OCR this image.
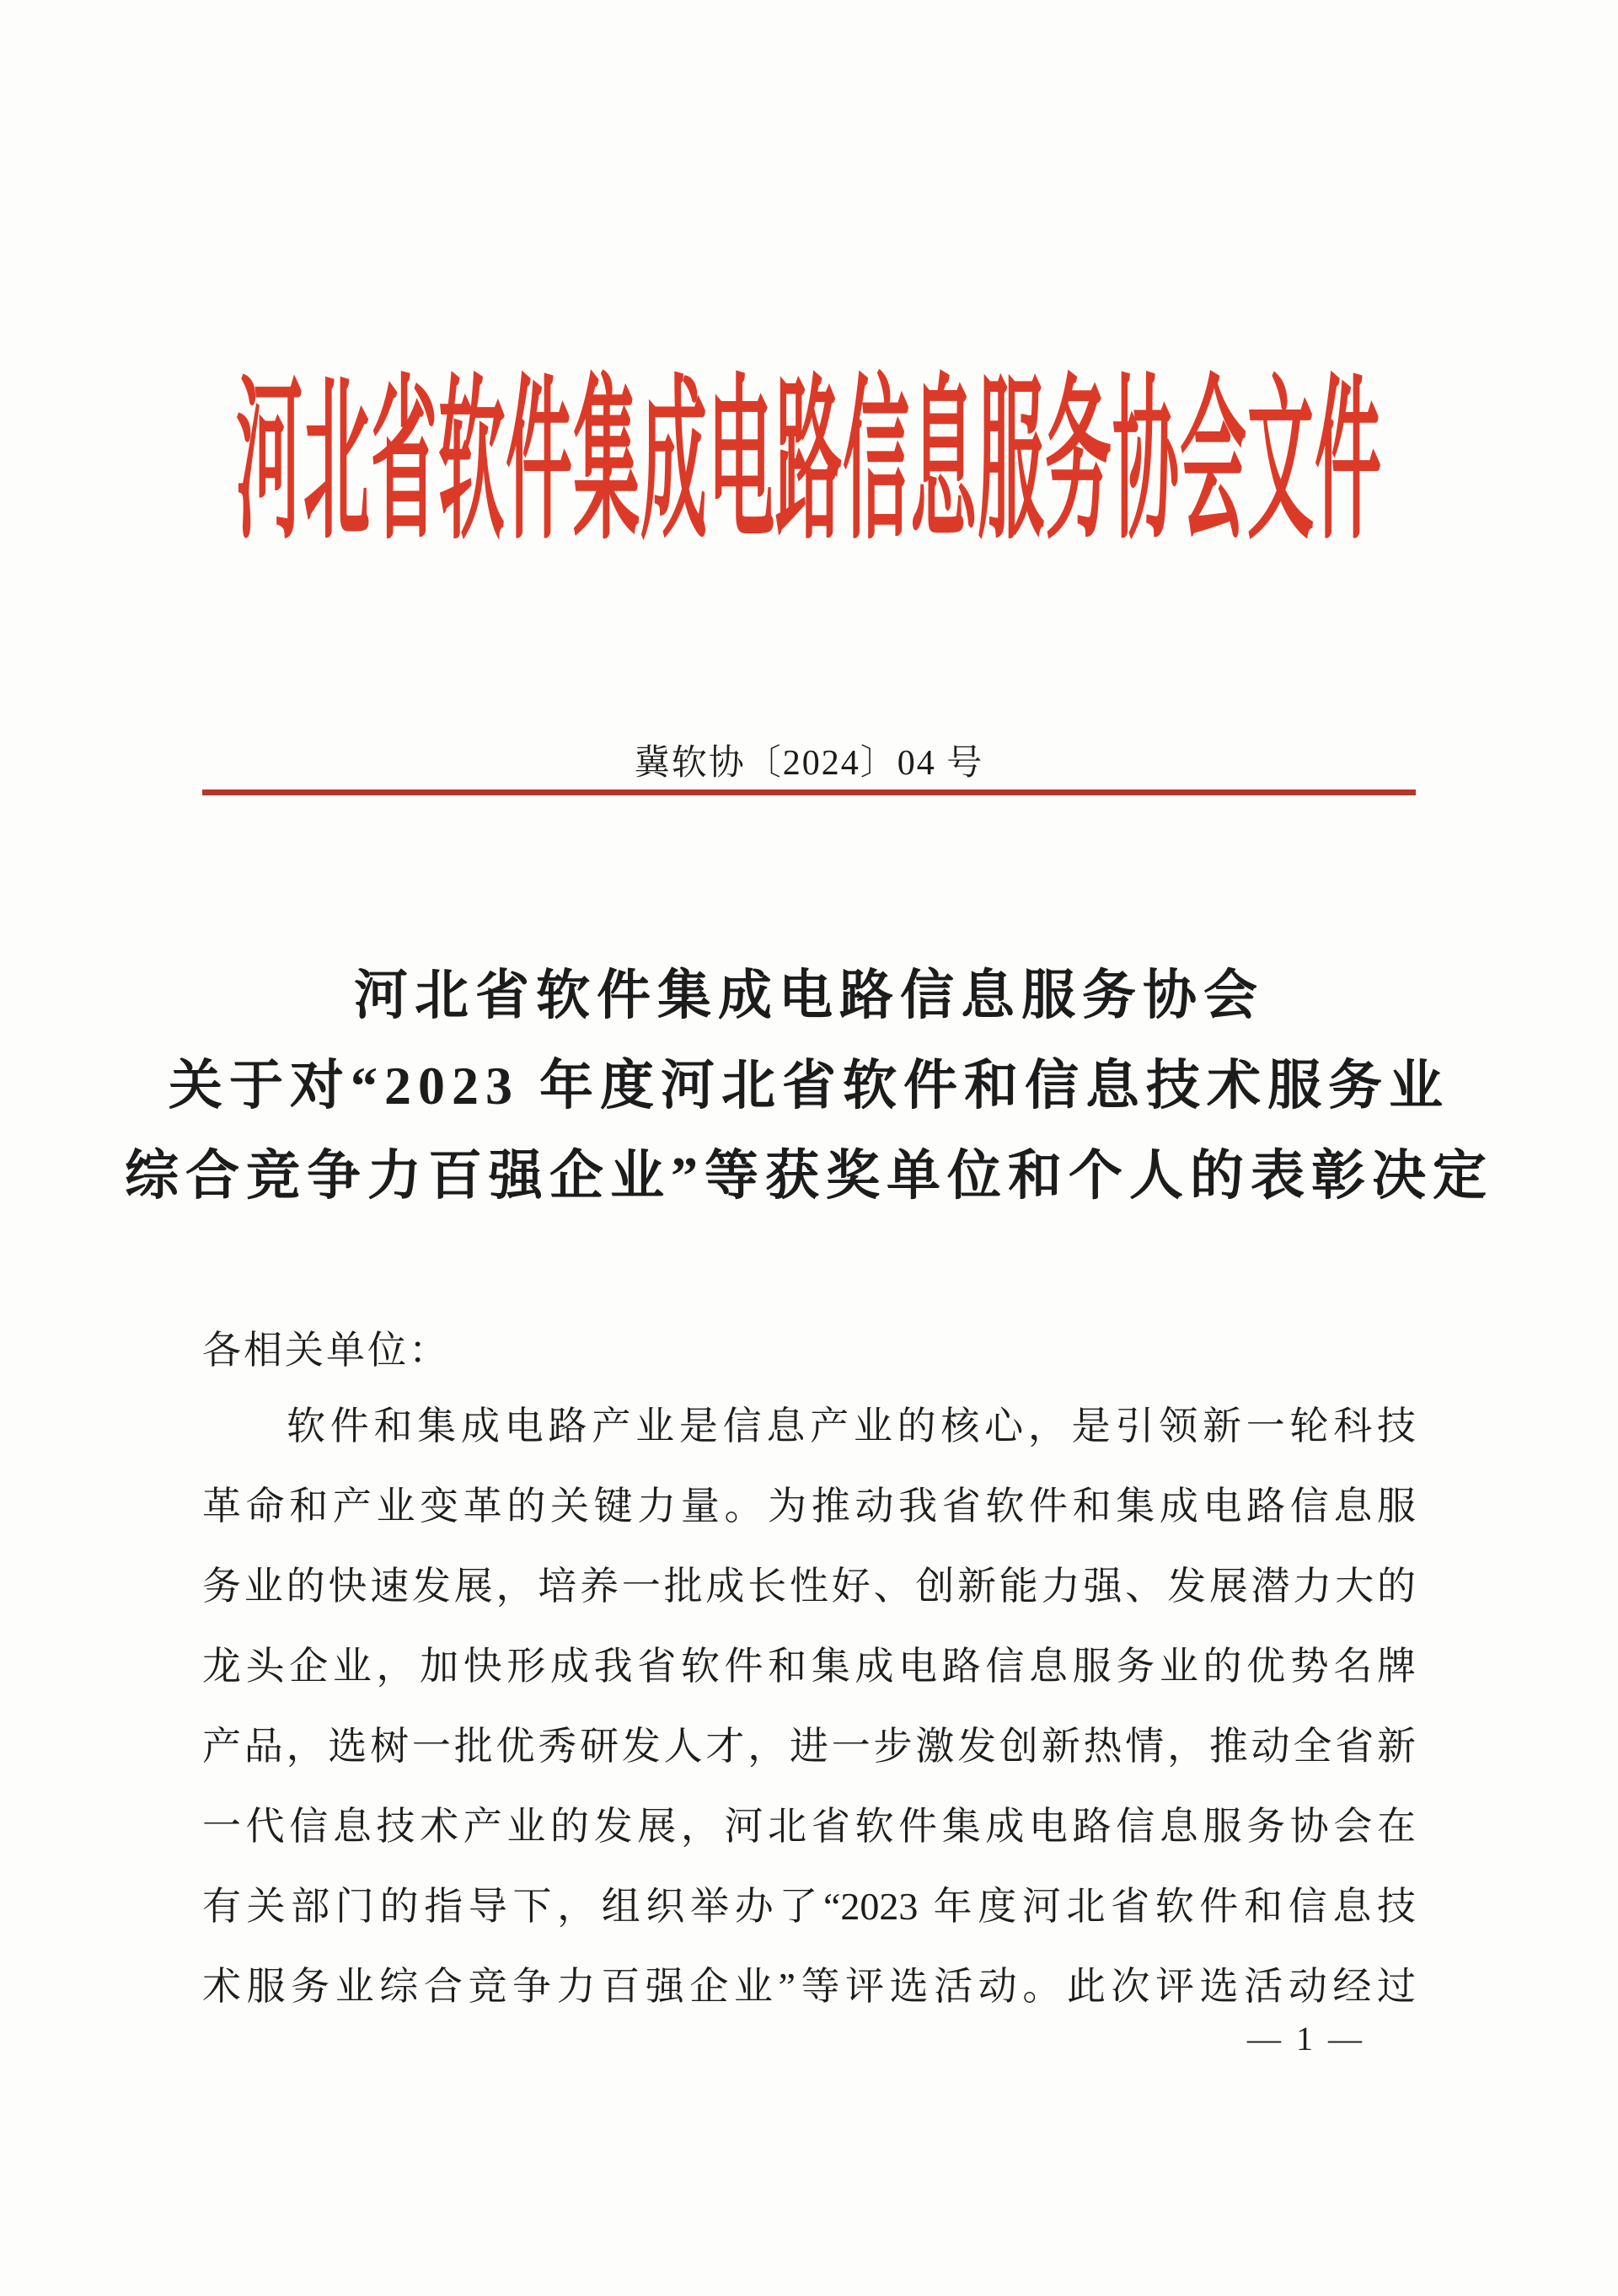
河北省软件集成电路信息服务协会文件
冀软协〔2024〕04 号
河北省软件集成电路信息服务协会
关于对“2023 年度河北省软件和信息技术服务业
综合竞争力百强企业”等获奖单位和个人的表彰决定
各相关单位：
软件和集成电路产业是信息产业的核心，是引领新一轮科技
革命和产业变革的关键力量。为推动我省软件和集成电路信息服
务业的快速发展，培养一批成长性好、创新能力强、发展潜力大的
龙头企业，加快形成我省软件和集成电路信息服务业的优势名牌
产品，选树一批优秀研发人才，进一步激发创新热情，推动全省新
一代信息技术产业的发展，河北省软件集成电路信息服务协会在
有关部门的指导下，组织举办了“2023 年度河北省软件和信息技
术服务业综合竞争力百强企业”等评选活动。此次评选活动经过
— 1 —
